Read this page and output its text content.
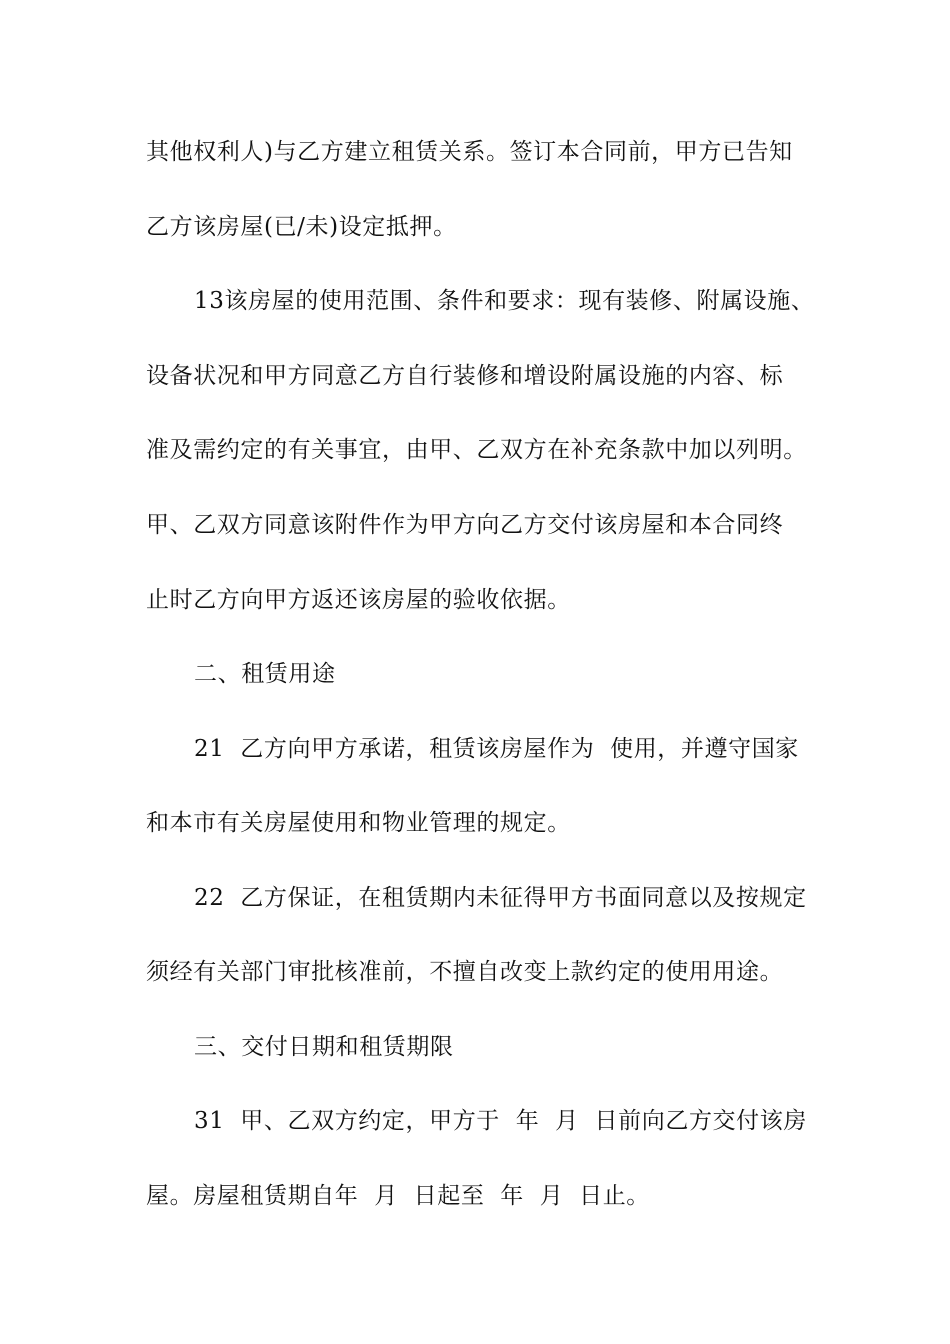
其他权利人)与乙方建立租赁关系。签订本合同前，甲方已告知
乙方该房屋(已/未)设定抵押。
13该房屋的使用范围、条件和要求：现有装修、附属设施、
设备状况和甲方同意乙方自行装修和增设附属设施的内容、标
准及需约定的有关事宜，由甲、乙双方在补充条款中加以列明。
甲、乙双方同意该附件作为甲方向乙方交付该房屋和本合同终
止时乙方向甲方返还该房屋的验收依据。
二、租赁用途
21  乙方向甲方承诺，租赁该房屋作为  使用，并遵守国家
和本市有关房屋使用和物业管理的规定。
22  乙方保证，在租赁期内未征得甲方书面同意以及按规定
须经有关部门审批核准前，不擅自改变上款约定的使用用途。
三、交付日期和租赁期限
31  甲、乙双方约定，甲方于  年  月  日前向乙方交付该房
屋。房屋租赁期自年  月  日起至  年  月  日止。
